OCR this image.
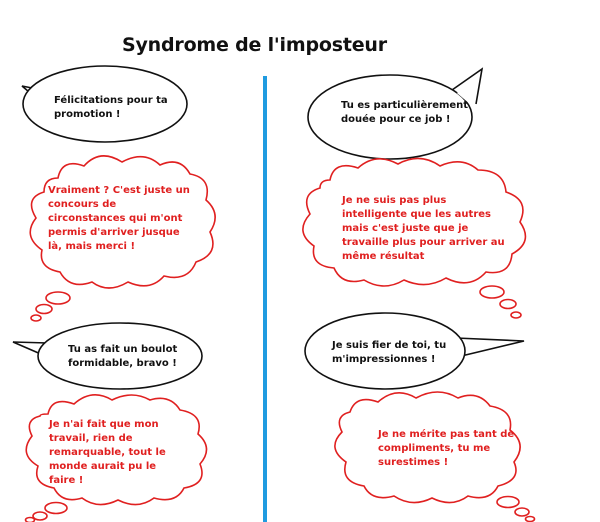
Syndrome de l'imposteur
Félicitations pour ta
promotion !
Vraiment ? C'est juste un
concours de
circonstances qui m'ont
permis d'arriver jusque
là, mais merci !
Tu es particulièrement
douée pour ce job !
Je ne suis pas plus
intelligente que les autres
mais c'est juste que je
travaille plus pour arriver au
même résultat
Tu as fait un boulot
formidable, bravo !
Je n'ai fait que mon
travail, rien de
remarquable, tout le
monde aurait pu le
faire !
Je suis fier de toi, tu
m'impressionnes !
Je ne mérite pas tant de
compliments, tu me
surestimes !
